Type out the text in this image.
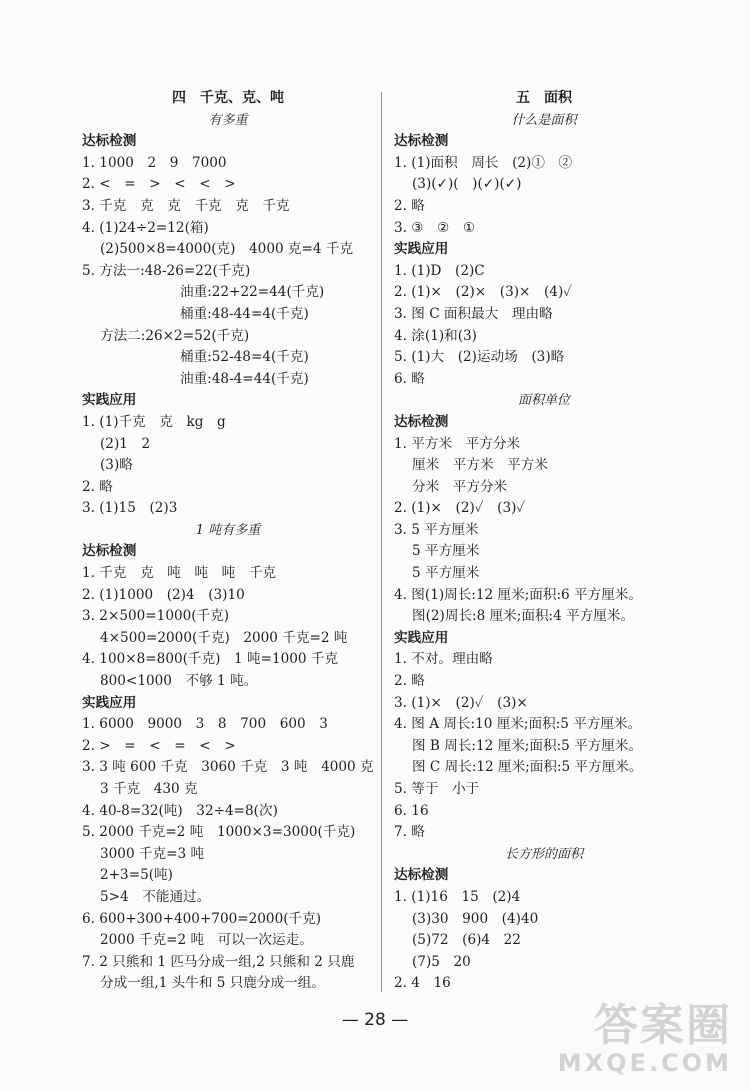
四　千克、克、吨
有多重
达标检测
1. 1000　2　9　7000
2. <　=　>　<　<　>
3. 千克　克　克　千克　克　千克
4. (1)24÷2=12(箱)
(2)500×8=4000(克)　4000 克=4 千克
5. 方法一:48-26=22(千克)
油重:22+22=44(千克)
桶重:48-44=4(千克)
方法二:26×2=52(千克)
桶重:52-48=4(千克)
油重:48-4=44(千克)
实践应用
1. (1)千克　克　kg　g
(2)1　2
(3)略
2. 略
3. (1)15　(2)3
1 吨有多重
达标检测
1. 千克　克　吨　吨　吨　千克
2. (1)1000　(2)4　(3)10
3. 2×500=1000(千克)
4×500=2000(千克)　2000 千克=2 吨
4. 100×8=800(千克)　1 吨=1000 千克
800<1000　不够 1 吨。
实践应用
1. 6000　9000　3　8　700　600　3
2. >　=　<　=　<　>
3. 3 吨 600 千克　3060 千克　3 吨　4000 克
3 千克　430 克
4. 40-8=32(吨)　32÷4=8(次)
5. 2000 千克=2 吨　1000×3=3000(千克)
3000 千克=3 吨
2+3=5(吨)
5>4　不能通过。
6. 600+300+400+700=2000(千克)
2000 千克=2 吨　可以一次运走。
7. 2 只熊和 1 匹马分成一组,2 只熊和 2 只鹿
分成一组,1 头牛和 5 只鹿分成一组。
五　面积
什么是面积
达标检测
1. (1)面积　周长　(2)①　②
(3)(✓)(　)(✓)(✓)
2. 略
3. ③　②　①
实践应用
1. (1)D　(2)C
2. (1)×　(2)×　(3)×　(4)✓
3. 图 C 面积最大　理由略
4. 涂(1)和(3)
5. (1)大　(2)运动场　(3)略
6. 略
面积单位
达标检测
1. 平方米　平方分米
厘米　平方米　平方米
分米　平方分米
2. (1)×　(2)✓　(3)✓
3. 5 平方厘米
5 平方厘米
5 平方厘米
4. 图(1)周长:12 厘米;面积:6 平方厘米。
图(2)周长:8 厘米;面积:4 平方厘米。
实践应用
1. 不对。理由略
2. 略
3. (1)×　(2)✓　(3)×
4. 图 A 周长:10 厘米;面积:5 平方厘米。
图 B 周长:12 厘米;面积:5 平方厘米。
图 C 周长:12 厘米;面积:5 平方厘米。
5. 等于　小于
6. 16
7. 略
长方形的面积
达标检测
1. (1)16　15　(2)4
(3)30　900　(4)40
(5)72　(6)4　22
(7)5　20
2. 4　16
— 28 —	答案圈
MXQE.COM
